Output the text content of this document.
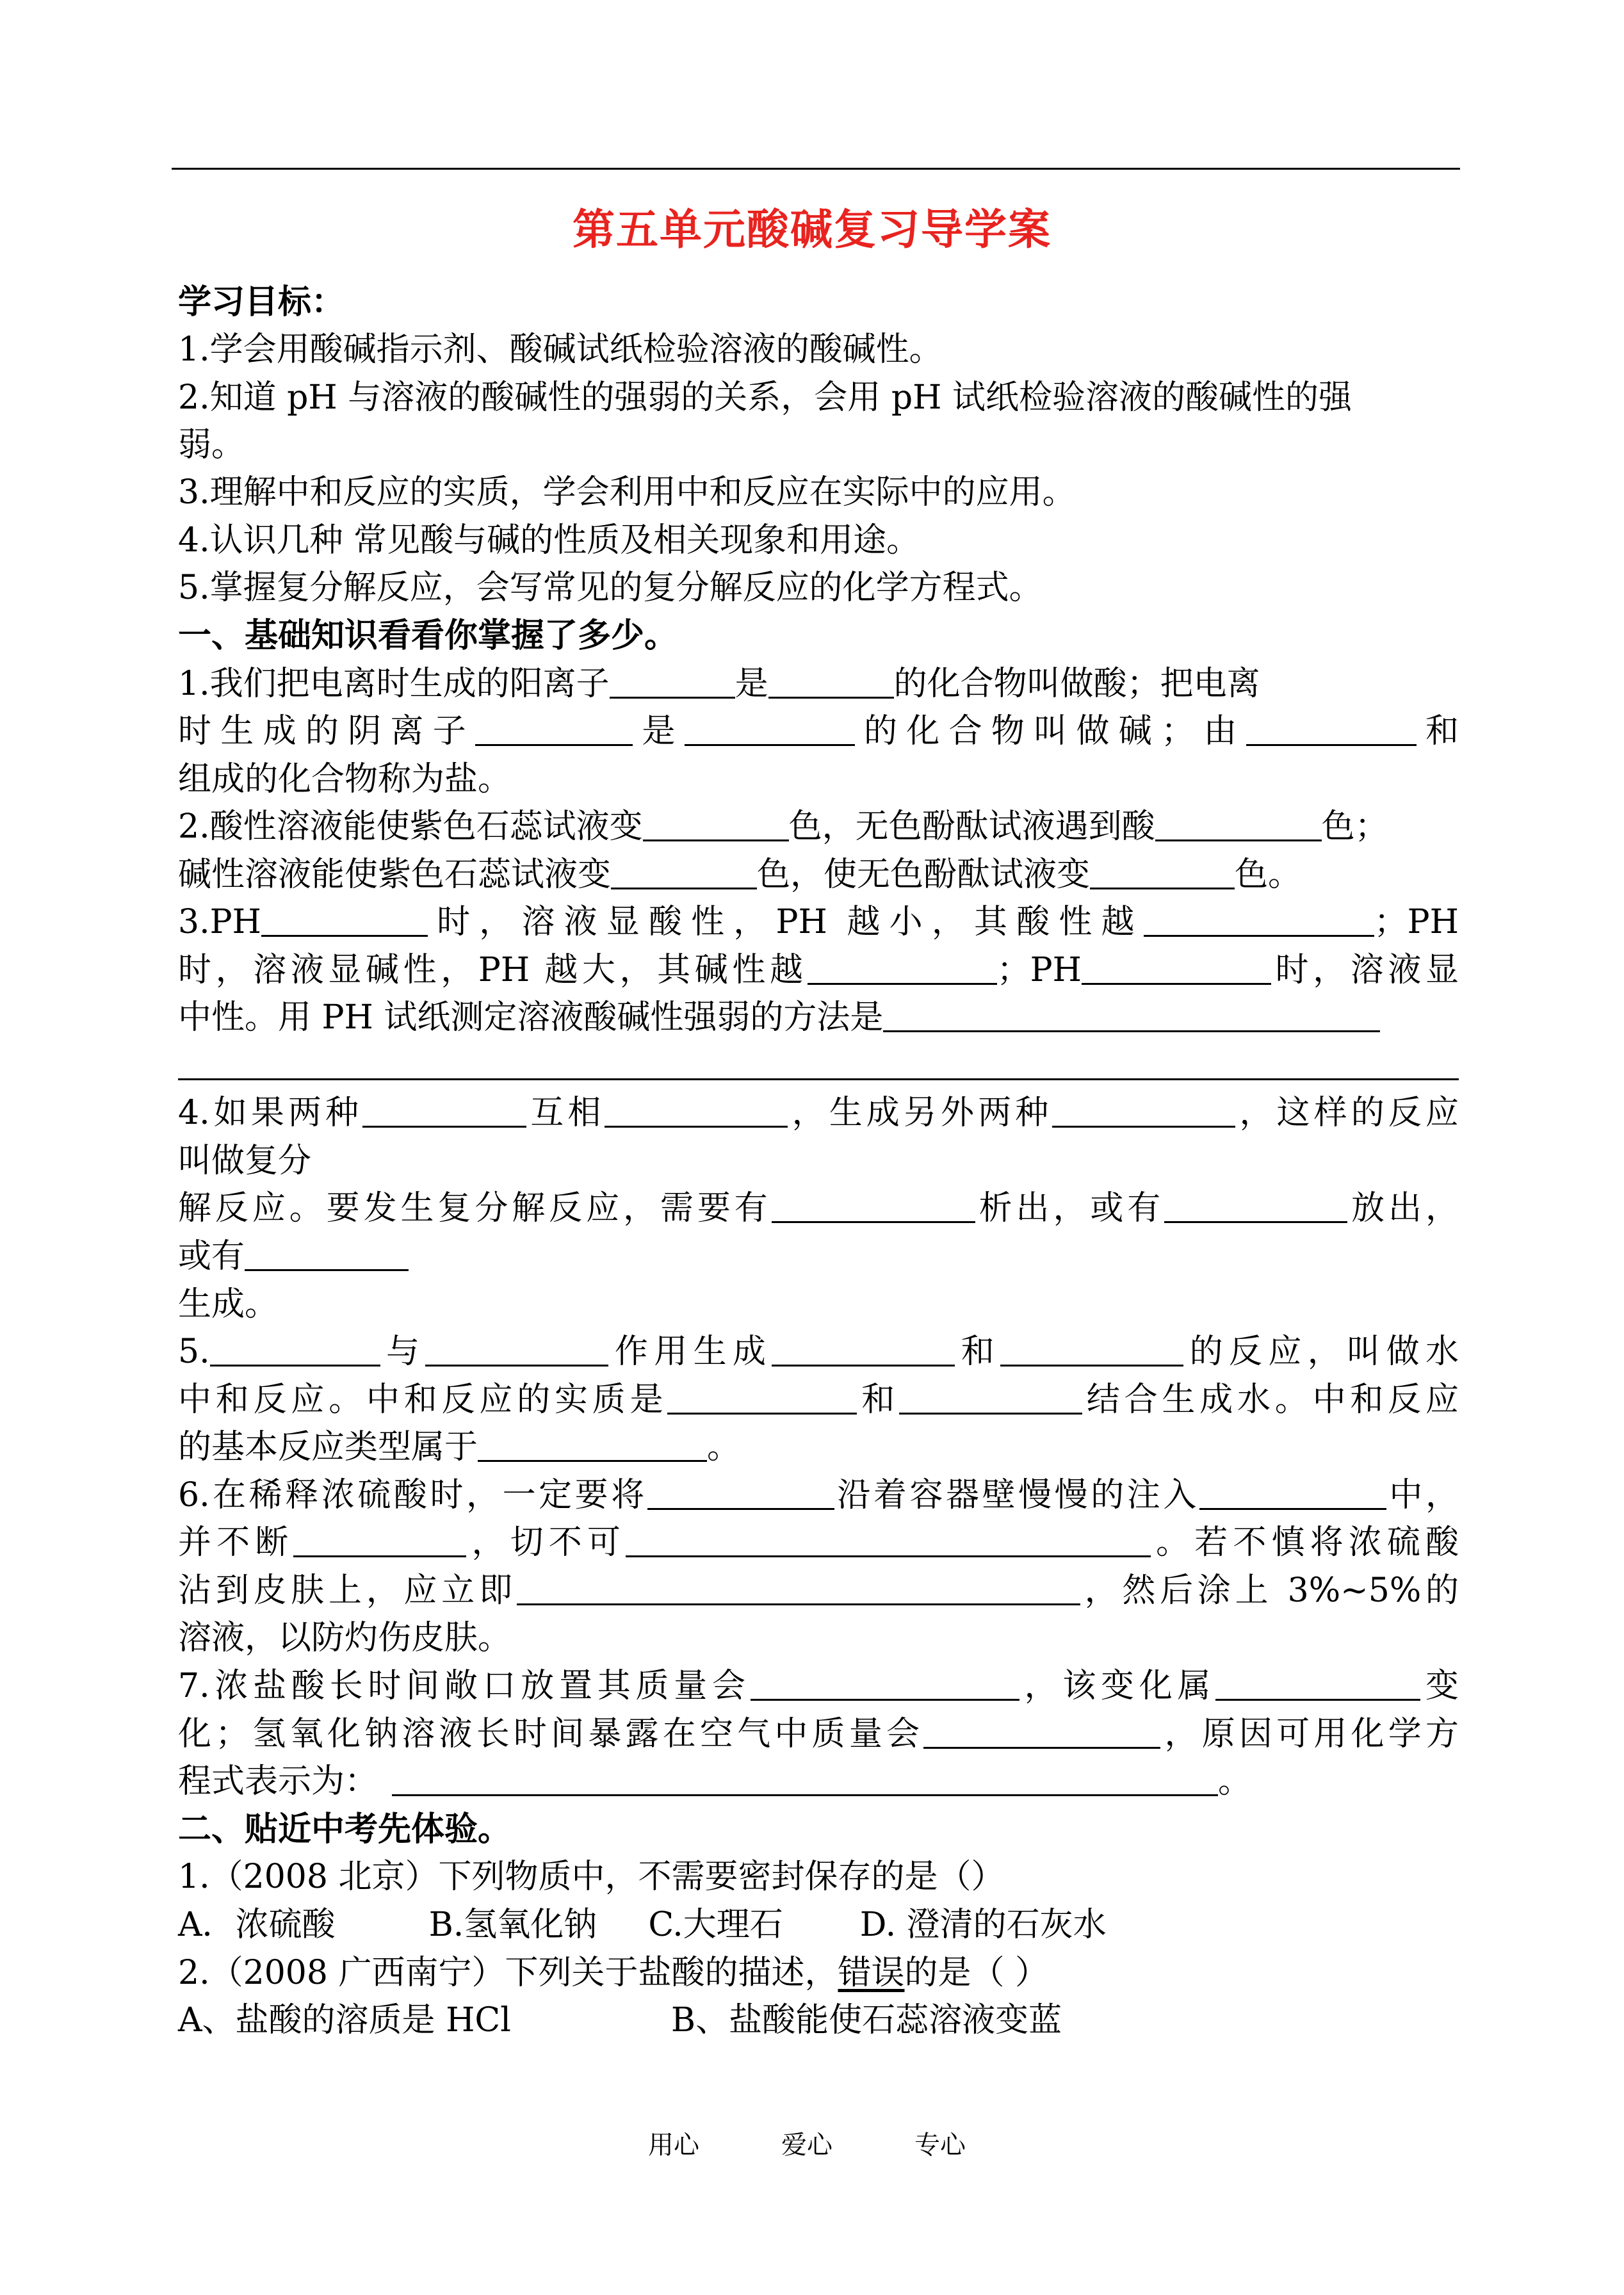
第五单元酸碱复习导学案
学习目标：
1.学会用酸碱指示剂、酸碱试纸检验溶液的酸碱性。
2.知道 pH 与溶液的酸碱性的强弱的关系，会用 pH 试纸检验溶液的酸碱性的强
弱。
3.理解中和反应的实质，学会利用中和反应在实际中的应用。
4.认识几种 常见酸与碱的性质及相关现象和用途。
5.掌握复分解反应，会写常见的复分解反应的化学方程式。
一、基础知识看看你掌握了多少。
1.我们把电离时生成的阳离子	是	的化合物叫做酸；把电离
时生成的阴离子	是	的化合物叫做碱；由	和
组成的化合物称为盐。
2.酸性溶液能使紫色石蕊试液变	色，无色酚酞试液遇到酸	色；
碱性溶液能使紫色石蕊试液变	色，使无色酚酞试液变	色。
3.PH	时，溶液显酸性，PH 越小，其酸性越	；PH
时，溶液显碱性，PH 越大，其碱性越	；PH	时，溶液显
中性。用 PH 试纸测定溶液酸碱性强弱的方法是
4.如果两种	互相	，生成另外两种	，这样的反应
叫做复分
解反应。要发生复分解反应，需要有	析出，或有	放出，
或有
生成。
5.	与	作用生成	和	的反应，叫做水
中和反应。中和反应的实质是	和	结合生成水。中和反应
的基本反应类型属于	。
6.在稀释浓硫酸时，一定要将	沿着容器壁慢慢的注入	中，
并不断	，切不可	。若不慎将浓硫酸
沾到皮肤上，应立即	，然后涂上 3%~5%的
溶液，以防灼伤皮肤。
7.浓盐酸长时间敞口放置其质量会	，该变化属	变
化；氢氧化钠溶液长时间暴露在空气中质量会	，原因可用化学方
程式表示为：	。
二、贴近中考先体验。
1.（2008 北京）下列物质中，不需要密封保存的是（）
A．浓硫酸	B.氢氧化钠 C.大理石 D. 澄清的石灰水
2.（2008 广西南宁）下列关于盐酸的描述，错误的是（ ）
A、盐酸的溶质是 HCl	B、盐酸能使石蕊溶液变蓝
用心	爱心	专心
